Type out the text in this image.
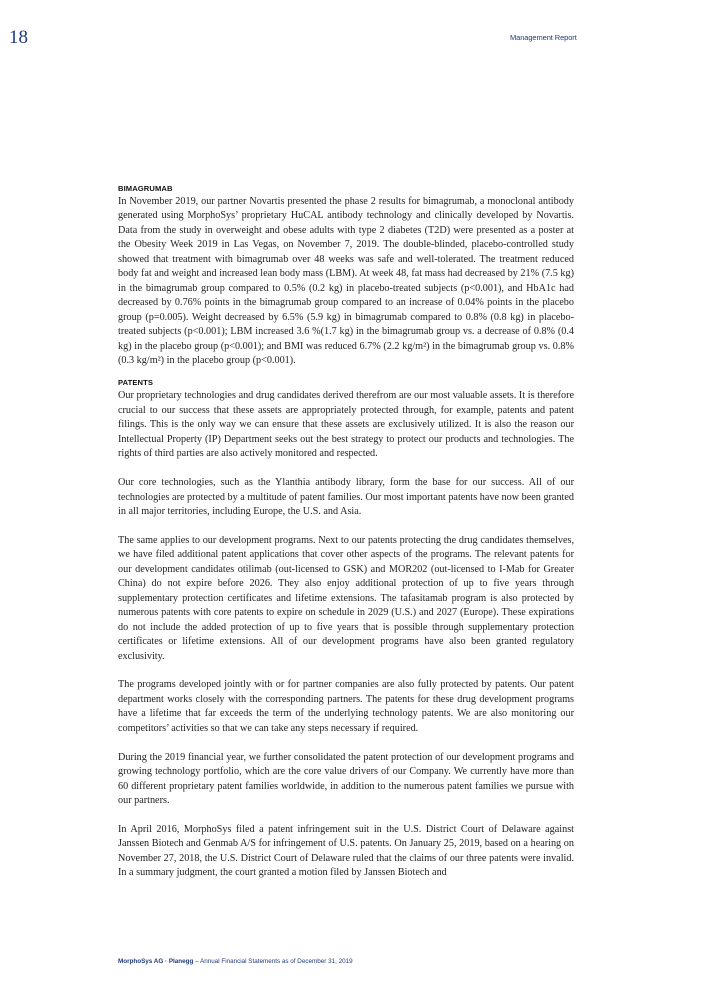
18	Management Report
BIMAGRUMAB

In November 2019, our partner Novartis presented the phase 2 results for bimagrumab, a monoclonal antibody generated using MorphoSys’ proprietary HuCAL antibody technology and clinically developed by Novartis. Data from the study in overweight and obese adults with type 2 diabetes (T2D) were presented as a poster at the Obesity Week 2019 in Las Vegas, on November 7, 2019. The double-blinded, placebo-controlled study showed that treatment with bimagrumab over 48 weeks was safe and well-tolerated. The treatment reduced body fat and weight and increased lean body mass (LBM). At week 48, fat mass had decreased by 21% (7.5 kg) in the bimagrumab group compared to 0.5% (0.2 kg) in placebo-treated subjects (p<0.001), and HbA1c had decreased by 0.76% points in the bimagrumab group compared to an increase of 0.04% points in the placebo group (p=0.005). Weight decreased by 6.5% (5.9 kg) in bimagrumab compared to 0.8% (0.8 kg) in placebo-treated subjects (p<0.001); LBM increased 3.6 %(1.7 kg) in the bimagrumab group vs. a decrease of 0.8% (0.4 kg) in the placebo group (p<0.001); and BMI was reduced 6.7% (2.2 kg/m²) in the bimagrumab group vs. 0.8% (0.3 kg/m²) in the placebo group (p<0.001).

PATENTS

Our proprietary technologies and drug candidates derived therefrom are our most valuable assets. It is therefore crucial to our success that these assets are appropriately protected through, for example, patents and patent filings. This is the only way we can ensure that these assets are exclusively utilized. It is also the reason our Intellectual Property (IP) Department seeks out the best strategy to protect our products and technologies. The rights of third parties are also actively monitored and respected.

Our core technologies, such as the Ylanthia antibody library, form the base for our success. All of our technologies are protected by a multitude of patent families. Our most important patents have now been granted in all major territories, including Europe, the U.S. and Asia.

The same applies to our development programs. Next to our patents protecting the drug candidates themselves, we have filed additional patent applications that cover other aspects of the programs. The relevant patents for our development candidates otilimab (out-licensed to GSK) and MOR202 (out-licensed to I-Mab for Greater China) do not expire before 2026. They also enjoy additional protection of up to five years through supplementary protection certificates and lifetime extensions. The tafasitamab program is also protected by numerous patents with core patents to expire on schedule in 2029 (U.S.) and 2027 (Europe). These expirations do not include the added protection of up to five years that is possible through supplementary protection certificates or lifetime extensions. All of our development programs have also been granted regulatory exclusivity.

The programs developed jointly with or for partner companies are also fully protected by patents. Our patent department works closely with the corresponding partners. The patents for these drug development programs have a lifetime that far exceeds the term of the underlying technology patents. We are also monitoring our competitors’ activities so that we can take any steps necessary if required.

During the 2019 financial year, we further consolidated the patent protection of our development programs and growing technology portfolio, which are the core value drivers of our Company. We currently have more than 60 different proprietary patent families worldwide, in addition to the numerous patent families we pursue with our partners.

In April 2016, MorphoSys filed a patent infringement suit in the U.S. District Court of Delaware against Janssen Biotech and Genmab A/S for infringement of U.S. patents. On January 25, 2019, based on a hearing on November 27, 2018, the U.S. District Court of Delaware ruled that the claims of our three patents were invalid. In a summary judgment, the court granted a motion filed by Janssen Biotech and

MorphoSys AG · Planegg – Annual Financial Statements as of December 31, 2019
